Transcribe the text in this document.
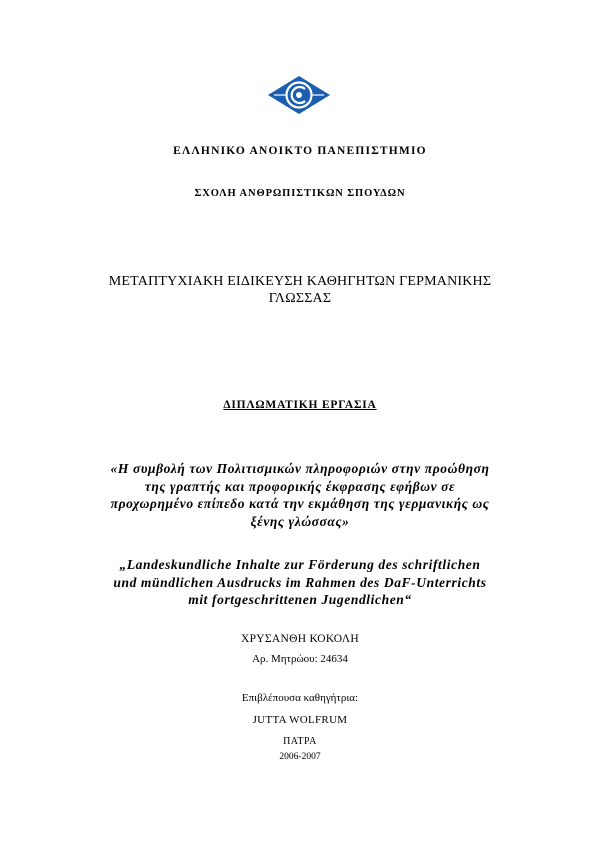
ΕΛΛΗΝΙΚΟ ΑΝΟΙΚΤΟ ΠΑΝΕΠΙΣΤΗΜΙΟ
ΣΧΟΛΗ ΑΝΘΡΩΠΙΣΤΙΚΩΝ ΣΠΟΥΔΩΝ
ΜΕΤΑΠΤΥΧΙΑΚΗ ΕΙΔΙΚΕΥΣΗ ΚΑΘΗΓΗΤΩΝ ΓΕΡΜΑΝΙΚΗΣ
ΓΛΩΣΣΑΣ
ΔΙΠΛΩΜΑΤΙΚΗ ΕΡΓΑΣΙΑ
«Η συμβολή των Πολιτισμικών πληροφοριών στην προώθηση
της γραπτής και προφορικής έκφρασης εφήβων σε
προχωρημένο επίπεδο κατά την εκμάθηση της γερμανικής ως
ξένης γλώσσας»
„Landeskundliche Inhalte zur Förderung des schriftlichen
und mündlichen Ausdrucks im Rahmen des DaF-Unterrichts
mit fortgeschrittenen Jugendlichen“
ΧΡΥΣΑΝΘΗ ΚΟΚΟΛΗ
Αρ. Μητρώου: 24634
Επιβλέπουσα καθηγήτρια:
JUTTA WOLFRUM
ΠΑΤΡΑ
2006-2007
